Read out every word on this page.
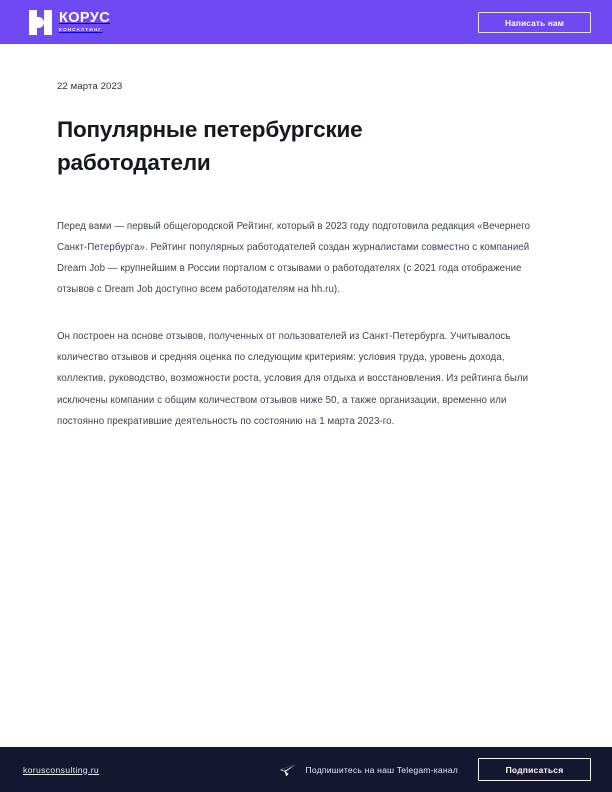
КОРУС
КОНСАЛТИНГ
Написать нам
22 марта 2023
Популярные петербургские работодатели

Перед вами — первый общегородской Рейтинг, который в 2023 году подготовила редакция «Вечернего Санкт-Петербурга». Рейтинг популярных работодателей создан журналистами совместно с компанией Dream Job — крупнейшим в России порталом с отзывами о работодателях (с 2021 года отображение отзывов с Dream Job доступно всем работодателям на hh.ru).

Он построен на основе отзывов, полученных от пользователей из Санкт-Петербурга. Учитывалось количество отзывов и средняя оценка по следующим критериям: условия труда, уровень дохода, коллектив, руководство, возможности роста, условия для отдыха и восстановления. Из рейтинга были исключены компании с общим количеством отзывов ниже 50, а также организации, временно или постоянно прекратившие деятельность по состоянию на 1 марта 2023-го.

korusconsulting.ru	Подпишитесь на наш Telegam-канал	Подписаться
